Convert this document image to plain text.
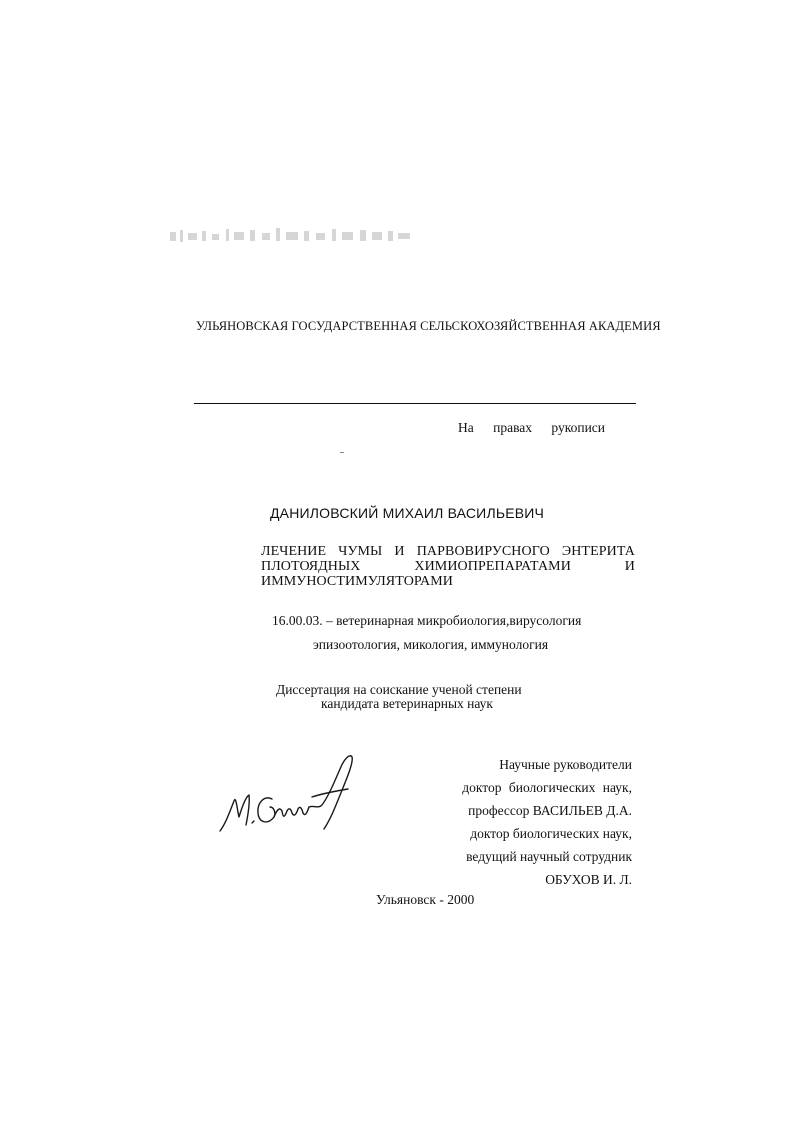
УЛЬЯНОВСКАЯ ГОСУДАРСТВЕННАЯ СЕЛЬСКОХОЗЯЙСТВЕННАЯ АКАДЕМИЯ
На правах рукописи
ДАНИЛОВСКИЙ МИХАИЛ ВАСИЛЬЕВИЧ
ЛЕЧЕНИЕ ЧУМЫ И ПАРВОВИРУСНОГО ЭНТЕРИТА ПЛОТОЯДНЫХ ХИМИОПРЕПАРАТАМИ И ИММУНОСТИМУЛЯТОРАМИ
16.00.03. – ветеринарная микробиология,вирусология
эпизоотология, микология, иммунология
Диссертация на соискание ученой степени
кандидата ветеринарных наук
Научные руководители
доктор биологических наук,
профессор ВАСИЛЬЕВ Д.А.
доктор биологических наук,
ведущий научный сотрудник
ОБУХОВ И. Л.
Ульяновск - 2000
